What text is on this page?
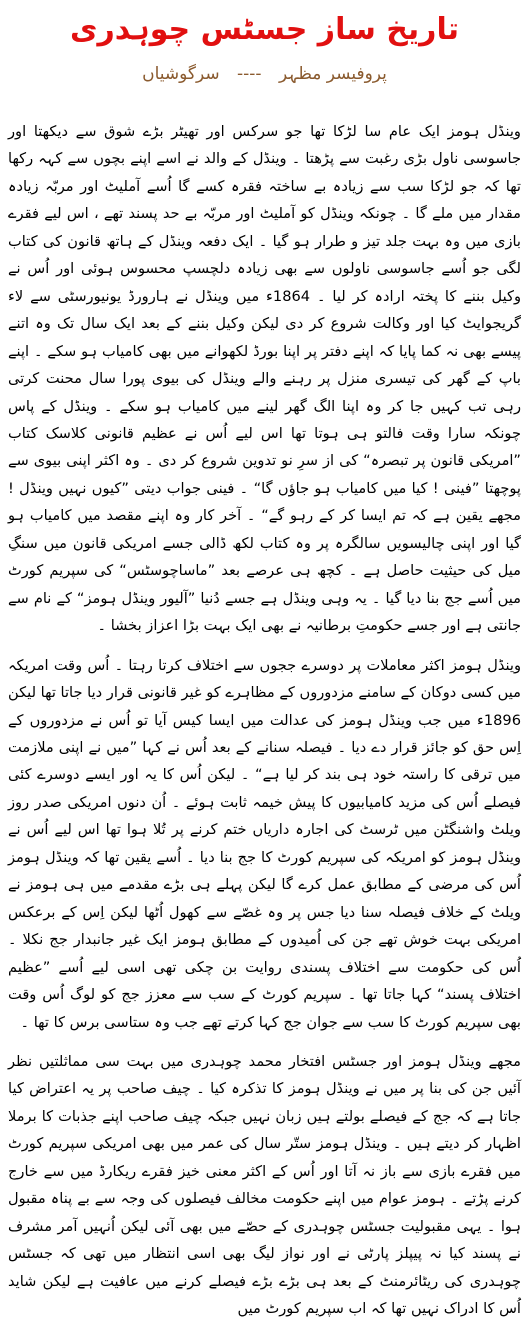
تاریخ ساز جسٹس چوہدری
پروفیسر مظہر ---- سرگوشیاں

وینڈل ہومز ایک عام سا لڑکا تھا جو سرکس اور تھیٹر بڑے شوق سے دیکھتا اور جاسوسی ناول بڑی رغبت سے پڑھتا ۔ وینڈل کے والد نے اسے اپنے بچوں سے کہہ رکھا تھا کہ جو لڑکا سب سے زیادہ بے ساختہ فقرہ کسے گا اُسے آملیٹ اور مربّہ زیادہ مقدار میں ملے گا ۔ چونکہ وینڈل کو آملیٹ اور مربّہ بے حد پسند تھے ، اس لیے فقرے بازی میں وہ بہت جلد تیز و طرار ہو گیا ۔ ایک دفعہ وینڈل کے ہاتھ قانون کی کتاب لگی جو اُسے جاسوسی ناولوں سے بھی زیادہ دلچسپ محسوس ہوئی اور اُس نے وکیل بننے کا پختہ ارادہ کر لیا ۔ 1864ء میں وینڈل نے ہارورڈ یونیورسٹی سے لاء گریجوایٹ کیا اور وکالت شروع کر دی لیکن وکیل بننے کے بعد ایک سال تک وہ اتنے پیسے بھی نہ کما پایا کہ اپنے دفتر پر اپنا بورڈ لکھوانے میں بھی کامیاب ہو سکے ۔ اپنے باپ کے گھر کی تیسری منزل پر رہنے والے وینڈل کی بیوی پورا سال محنت کرتی رہی تب کہیں جا کر وہ اپنا الگ گھر لینے میں کامیاب ہو سکے ۔ وینڈل کے پاس چونکہ سارا وقت فالتو ہی ہوتا تھا اس لیے اُس نے عظیم قانونی کلاسک کتاب ”امریکی قانون پر تبصرہ“ کی از سرِ نو تدوین شروع کر دی ۔ وہ اکثر اپنی بیوی سے پوچھتا ”فینی ! کیا میں کامیاب ہو جاؤں گا“ ۔ فینی جواب دیتی ”کیوں نہیں وینڈل ! مجھے یقین ہے کہ تم ایسا کر کے رہو گے“ ۔ آخر کار وہ اپنے مقصد میں کامیاب ہو گیا اور اپنی چالیسویں سالگرہ پر وہ کتاب لکھ ڈالی جسے امریکی قانون میں سنگِ میل کی حیثیت حاصل ہے ۔ کچھ ہی عرصے بعد ”ماساچوسٹس“ کی سپریم کورٹ میں اُسے جج بنا دیا گیا ۔ یہ وہی وینڈل ہے جسے دُنیا ”آلیور وینڈل ہومز“ کے نام سے جانتی ہے اور جسے حکومتِ برطانیہ نے بھی ایک بہت بڑا اعزاز بخشا ۔

وینڈل ہومز اکثر معاملات پر دوسرے ججوں سے اختلاف کرتا رہتا ۔ اُس وقت امریکہ میں کسی دوکان کے سامنے مزدوروں کے مظاہرے کو غیر قانونی قرار دیا جاتا تھا لیکن 1896ء میں جب وینڈل ہومز کی عدالت میں ایسا کیس آیا تو اُس نے مزدوروں کے اِس حق کو جائز قرار دے دیا ۔ فیصلہ سنانے کے بعد اُس نے کہا ”میں نے اپنی ملازمت میں ترقی کا راستہ خود ہی بند کر لیا ہے“ ۔ لیکن اُس کا یہ اور ایسے دوسرے کئی فیصلے اُس کی مزید کامیابیوں کا پیش خیمہ ثابت ہوئے ۔ اُن دنوں امریکی صدر روز ویلٹ واشنگٹن میں ٹرسٹ کی اجارہ داریاں ختم کرنے پر تُلا ہوا تھا اس لیے اُس نے وینڈل ہومز کو امریکہ کی سپریم کورٹ کا جج بنا دیا ۔ اُسے یقین تھا کہ وینڈل ہومز اُس کی مرضی کے مطابق عمل کرے گا لیکن پہلے ہی بڑے مقدمے میں ہی ہومز نے ویلٹ کے خلاف فیصلہ سنا دیا جس پر وہ غصّے سے کھول اُٹھا لیکن اِس کے برعکس امریکی بہت خوش تھے جن کی اُمیدوں کے مطابق ہومز ایک غیر جانبدار جج نکلا ۔ اُس کی حکومت سے اختلاف پسندی روایت بن چکی تھی اسی لیے اُسے ”عظیم اختلاف پسند“ کہا جاتا تھا ۔ سپریم کورٹ کے سب سے معزز جج کو لوگ اُس وقت بھی سپریم کورٹ کا سب سے جوان جج کہا کرتے تھے جب وہ ستاسی برس کا تھا ۔

مجھے وینڈل ہومز اور جسٹس افتخار محمد چوہدری میں بہت سی مماثلتیں نظر آئیں جن کی بنا پر میں نے وینڈل ہومز کا تذکرہ کیا ۔ چیف صاحب پر یہ اعتراض کیا جاتا ہے کہ جج کے فیصلے بولتے ہیں زبان نہیں جبکہ چیف صاحب اپنے جذبات کا برملا اظہار کر دیتے ہیں ۔ وینڈل ہومز ستّر سال کی عمر میں بھی امریکی سپریم کورٹ میں فقرے بازی سے باز نہ آتا اور اُس کے اکثر معنی خیز فقرے ریکارڈ میں سے خارج کرنے پڑتے ۔ ہومز عوام میں اپنے حکومت مخالف فیصلوں کی وجہ سے بے پناہ مقبول ہوا ۔ یہی مقبولیت جسٹس چوہدری کے حصّے میں بھی آئی لیکن اُنہیں آمر مشرف نے پسند کیا نہ پیپلز پارٹی نے اور نواز لیگ بھی اسی انتظار میں تھی کہ جسٹس چوہدری کی ریٹائرمنٹ کے بعد ہی بڑے بڑے فیصلے کرنے میں عافیت ہے لیکن شاید اُس کا ادراک نہیں تھا کہ اب سپریم کورٹ میں
